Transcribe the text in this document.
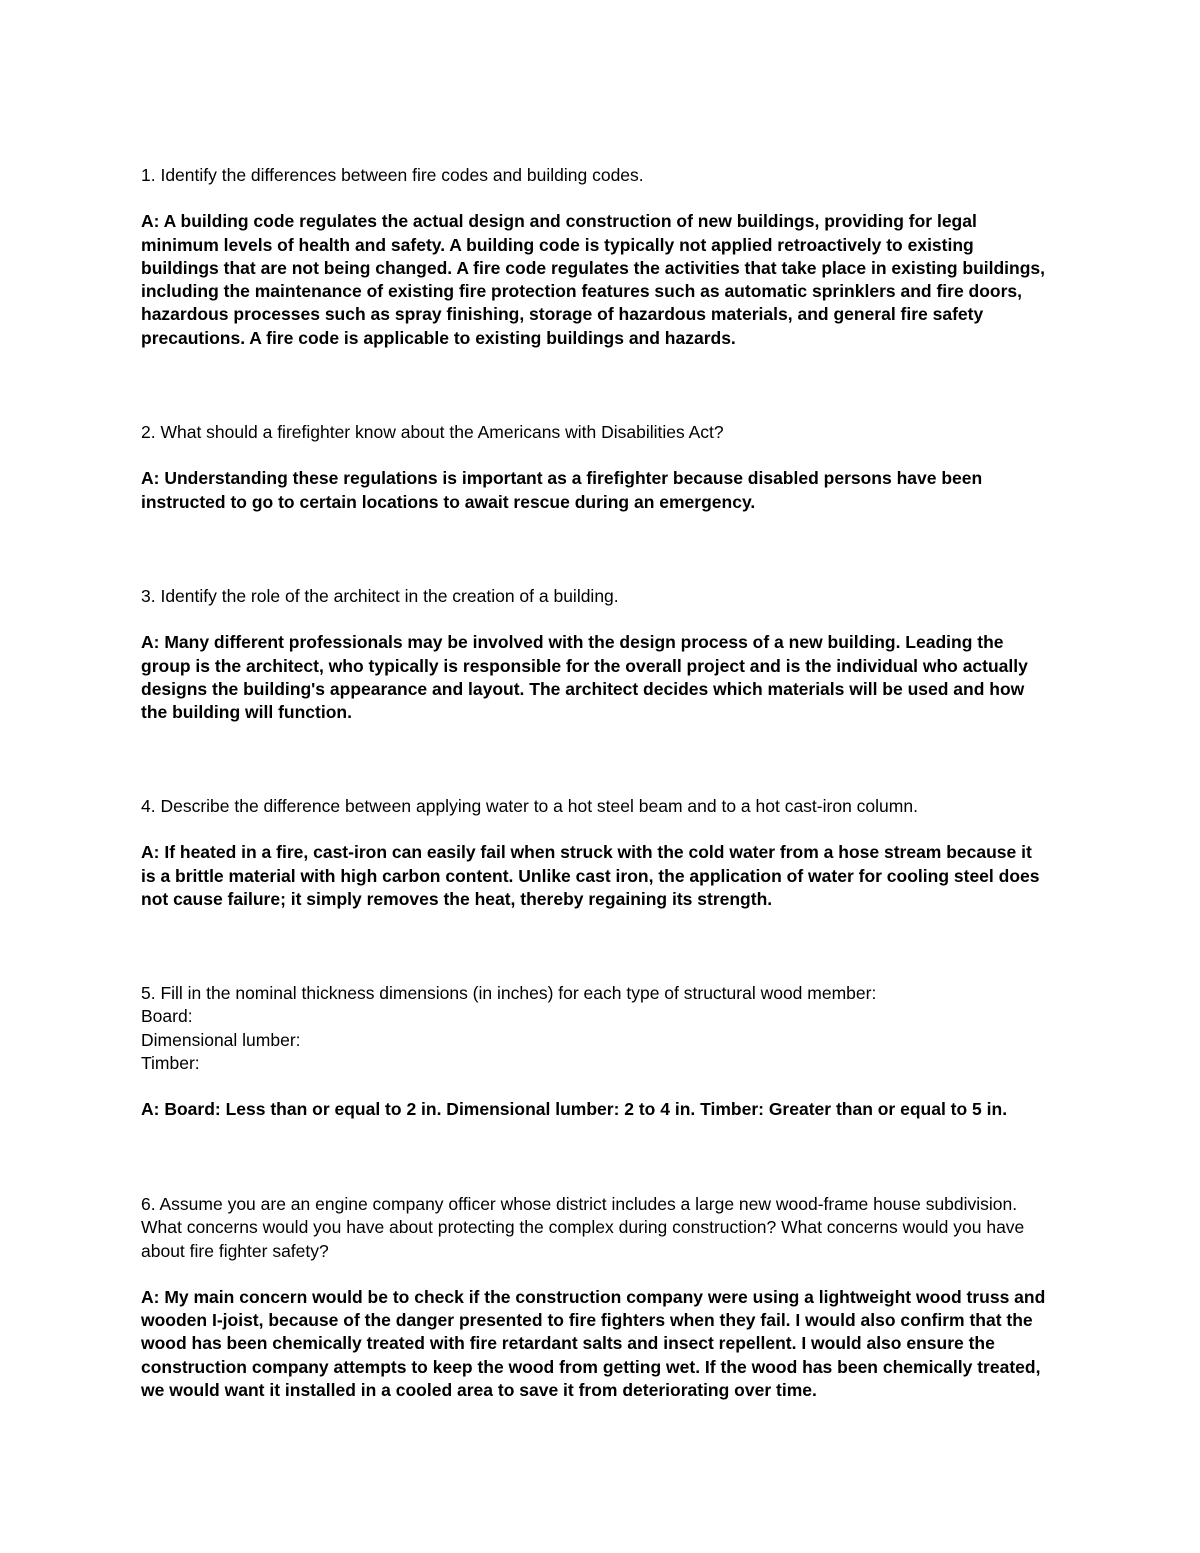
1. Identify the differences between fire codes and building codes.

A: A building code regulates the actual design and construction of new buildings, providing for legal
minimum levels of health and safety. A building code is typically not applied retroactively to existing
buildings that are not being changed. A fire code regulates the activities that take place in existing buildings,
including the maintenance of existing fire protection features such as automatic sprinklers and fire doors,
hazardous processes such as spray finishing, storage of hazardous materials, and general fire safety
precautions. A fire code is applicable to existing buildings and hazards.

2. What should a firefighter know about the Americans with Disabilities Act?

A: Understanding these regulations is important as a firefighter because disabled persons have been
instructed to go to certain locations to await rescue during an emergency.

3. Identify the role of the architect in the creation of a building.

A: Many different professionals may be involved with the design process of a new building. Leading the
group is the architect, who typically is responsible for the overall project and is the individual who actually
designs the building's appearance and layout. The architect decides which materials will be used and how
the building will function.

4. Describe the difference between applying water to a hot steel beam and to a hot cast-iron column.

A: If heated in a fire, cast-iron can easily fail when struck with the cold water from a hose stream because it
is a brittle material with high carbon content. Unlike cast iron, the application of water for cooling steel does
not cause failure; it simply removes the heat, thereby regaining its strength.

5. Fill in the nominal thickness dimensions (in inches) for each type of structural wood member:

Board:

Dimensional lumber:

Timber:

A: Board: Less than or equal to 2 in. Dimensional lumber: 2 to 4 in. Timber: Greater than or equal to 5 in.

6. Assume you are an engine company officer whose district includes a large new wood-frame house subdivision.
What concerns would you have about protecting the complex during construction? What concerns would you have
about fire fighter safety?

A: My main concern would be to check if the construction company were using a lightweight wood truss and
wooden I-joist, because of the danger presented to fire fighters when they fail. I would also confirm that the
wood has been chemically treated with fire retardant salts and insect repellent. I would also ensure the
construction company attempts to keep the wood from getting wet. If the wood has been chemically treated,
we would want it installed in a cooled area to save it from deteriorating over time.
